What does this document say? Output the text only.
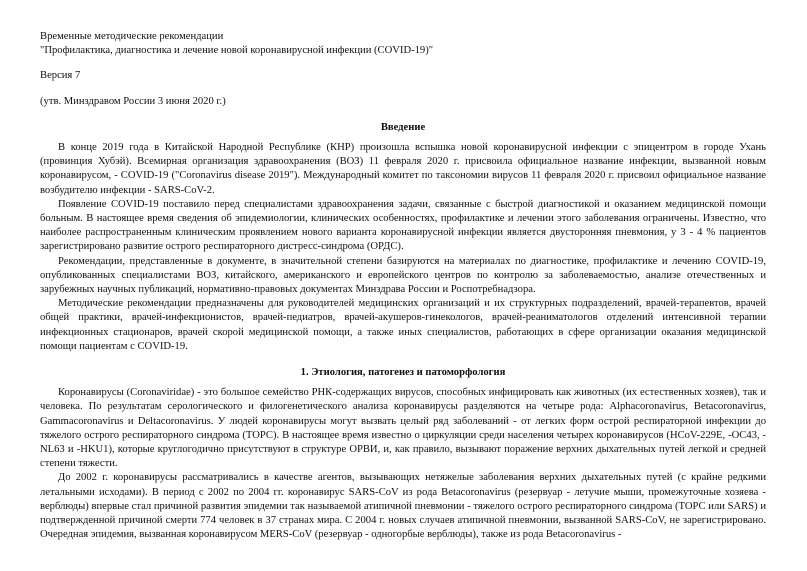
Временные методические рекомендации

"Профилактика, диагностика и лечение новой коронавирусной инфекции (COVID-19)"

Версия 7

(утв. Минздравом России 3 июня 2020 г.)

Введение

В конце 2019 года в Китайской Народной Республике (КНР) произошла вспышка новой коронавирусной инфекции с эпицентром в городе Ухань (провинция Хубэй). Всемирная организация здравоохранения (ВОЗ) 11 февраля 2020 г. присвоила официальное название инфекции, вызванной новым коронавирусом, - COVID-19 ("Coronavirus disease 2019"). Международный комитет по таксономии вирусов 11 февраля 2020 г. присвоил официальное название возбудителю инфекции - SARS-CoV-2.

Появление COVID-19 поставило перед специалистами здравоохранения задачи, связанные с быстрой диагностикой и оказанием медицинской помощи больным. В настоящее время сведения об эпидемиологии, клинических особенностях, профилактике и лечении этого заболевания ограничены. Известно, что наиболее распространенным клиническим проявлением нового варианта коронавирусной инфекции является двусторонняя пневмония, у 3 - 4 % пациентов зарегистрировано развитие острого респираторного дистресс-синдрома (ОРДС).

Рекомендации, представленные в документе, в значительной степени базируются на материалах по диагностике, профилактике и лечению COVID-19, опубликованных специалистами ВОЗ, китайского, американского и европейского центров по контролю за заболеваемостью, анализе отечественных и зарубежных научных публикаций, нормативно-правовых документах Минздрава России и Роспотребнадзора.

Методические рекомендации предназначены для руководителей медицинских организаций и их структурных подразделений, врачей-терапевтов, врачей общей практики, врачей-инфекционистов, врачей-педиатров, врачей-акушеров-гинекологов, врачей-реаниматологов отделений интенсивной терапии инфекционных стационаров, врачей скорой медицинской помощи, а также иных специалистов, работающих в сфере организации оказания медицинской помощи пациентам с COVID-19.

1. Этиология, патогенез и патоморфология

Коронавирусы (Coronaviridae) - это большое семейство РНК-содержащих вирусов, способных инфицировать как животных (их естественных хозяев), так и человека. По результатам серологического и филогенетического анализа коронавирусы разделяются на четыре рода: Alphacoronavirus, Betacoronavirus, Gammacoronavirus и Deltacoronavirus. У людей коронавирусы могут вызвать целый ряд заболеваний - от легких форм острой респираторной инфекции до тяжелого острого респираторного синдрома (ТОРС). В настоящее время известно о циркуляции среди населения четырех коронавирусов (HCoV-229E, -OC43, -NL63 и -HKU1), которые круглогодично присутствуют в структуре ОРВИ, и, как правило, вызывают поражение верхних дыхательных путей легкой и средней степени тяжести.

До 2002 г. коронавирусы рассматривались в качестве агентов, вызывающих нетяжелые заболевания верхних дыхательных путей (с крайне редкими летальными исходами). В период с 2002 по 2004 гг. коронавирус SARS-CoV из рода Betacoronavirus (резервуар - летучие мыши, промежуточные хозяева - верблюды) впервые стал причиной развития эпидемии так называемой атипичной пневмонии - тяжелого острого респираторного синдрома (ТОРС или SARS) и подтвержденной причиной смерти 774 человек в 37 странах мира. С 2004 г. новых случаев атипичной пневмонии, вызванной SARS-CoV, не зарегистрировано. Очередная эпидемия, вызванная коронавирусом MERS-CoV (резервуар - одногорбые верблюды), также из рода Betacoronavirus -
